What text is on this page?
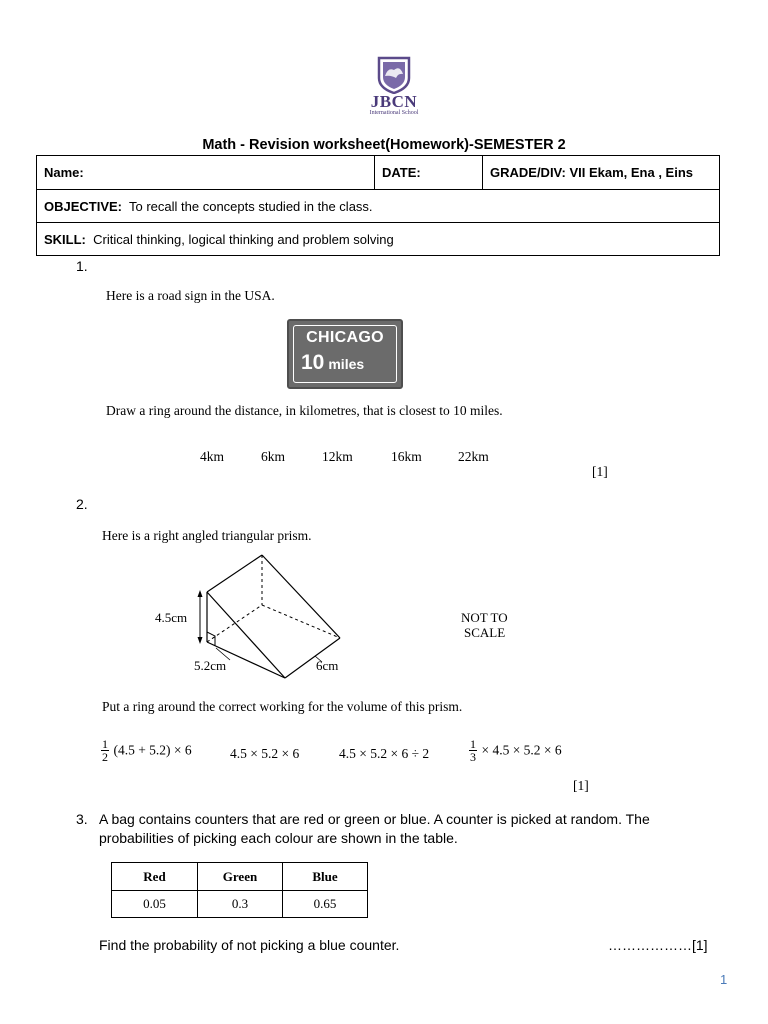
JBCN
International School
Math - Revision worksheet(Homework)-SEMESTER 2
Name:	DATE:	GRADE/DIV: VII Ekam, Ena , Eins
OBJECTIVE: To recall the concepts studied in the class.
SKILL: Critical thinking, logical thinking and problem solving
1.
Here is a road sign in the USA.
CHICAGO
10 miles
Draw a ring around the distance, in kilometres, that is closest to 10 miles.
4km	6km	12km	16km	22km
[1]
2.
Here is a right angled triangular prism.
4.5cm
5.2cm	6cm
NOT TO
SCALE
Put a ring around the correct working for the volume of this prism.
$\frac{1}{2} (4.5 + 5.2) \times 6$	4.5 × 5.2 × 6	4.5 × 5.2 × 6 ÷ 2	$\frac{1}{3} \times 4.5 \times 5.2 \times 6$
[1]
3. A bag contains counters that are red or green or blue. A counter is picked at random. The
probabilities of picking each colour are shown in the table.
Red	Green	Blue
0.05	0.3	0.65
Find the probability of not picking a blue counter.	………………[1]
1
